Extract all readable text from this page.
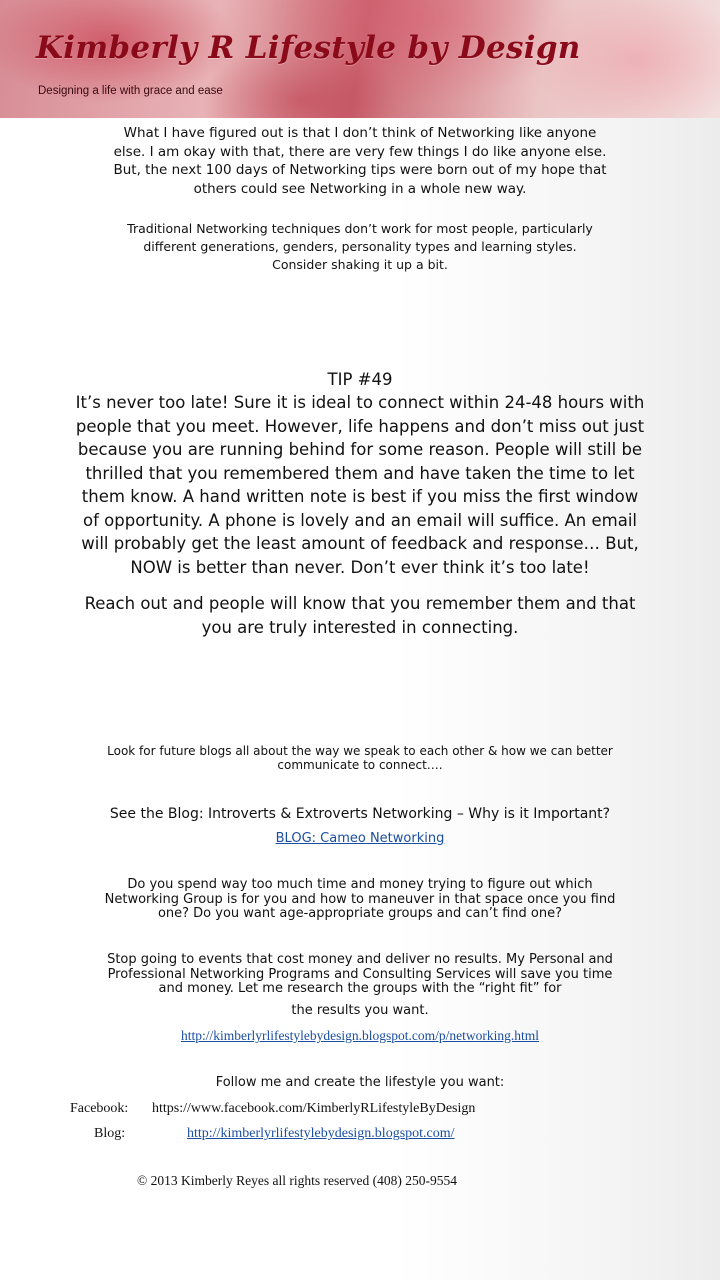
Kimberly R Lifestyle by Design
Designing a life with grace and ease
What I have figured out is that I don’t think of Networking like anyone
else. I am okay with that, there are very few things I do like anyone else.
But, the next 100 days of Networking tips were born out of my hope that
others could see Networking in a whole new way.
Traditional Networking techniques don’t work for most people, particularly
different generations, genders, personality types and learning styles.
Consider shaking it up a bit.
TIP #49
It’s never too late! Sure it is ideal to connect within 24-48 hours with
people that you meet. However, life happens and don’t miss out just
because you are running behind for some reason. People will still be
thrilled that you remembered them and have taken the time to let
them know. A hand written note is best if you miss the first window
of opportunity. A phone is lovely and an email will suffice. An email
will probably get the least amount of feedback and response… But,
NOW is better than never. Don’t ever think it’s too late!
Reach out and people will know that you remember them and that
you are truly interested in connecting.
Look for future blogs all about the way we speak to each other & how we can better
communicate to connect….
See the Blog: Introverts & Extroverts Networking – Why is it Important?
BLOG: Cameo Networking
Do you spend way too much time and money trying to figure out which
Networking Group is for you and how to maneuver in that space once you find
one? Do you want age-appropriate groups and can’t find one?
Stop going to events that cost money and deliver no results. My Personal and
Professional Networking Programs and Consulting Services will save you time
and money. Let me research the groups with the “right fit” for
the results you want.
http://kimberlyrlifestylebydesign.blogspot.com/p/networking.html
Follow me and create the lifestyle you want:
Facebook: https://www.facebook.com/KimberlyRLifestyleByDesign
Blog:	http://kimberlyrlifestylebydesign.blogspot.com/
© 2013 Kimberly Reyes all rights reserved (408) 250-9554
